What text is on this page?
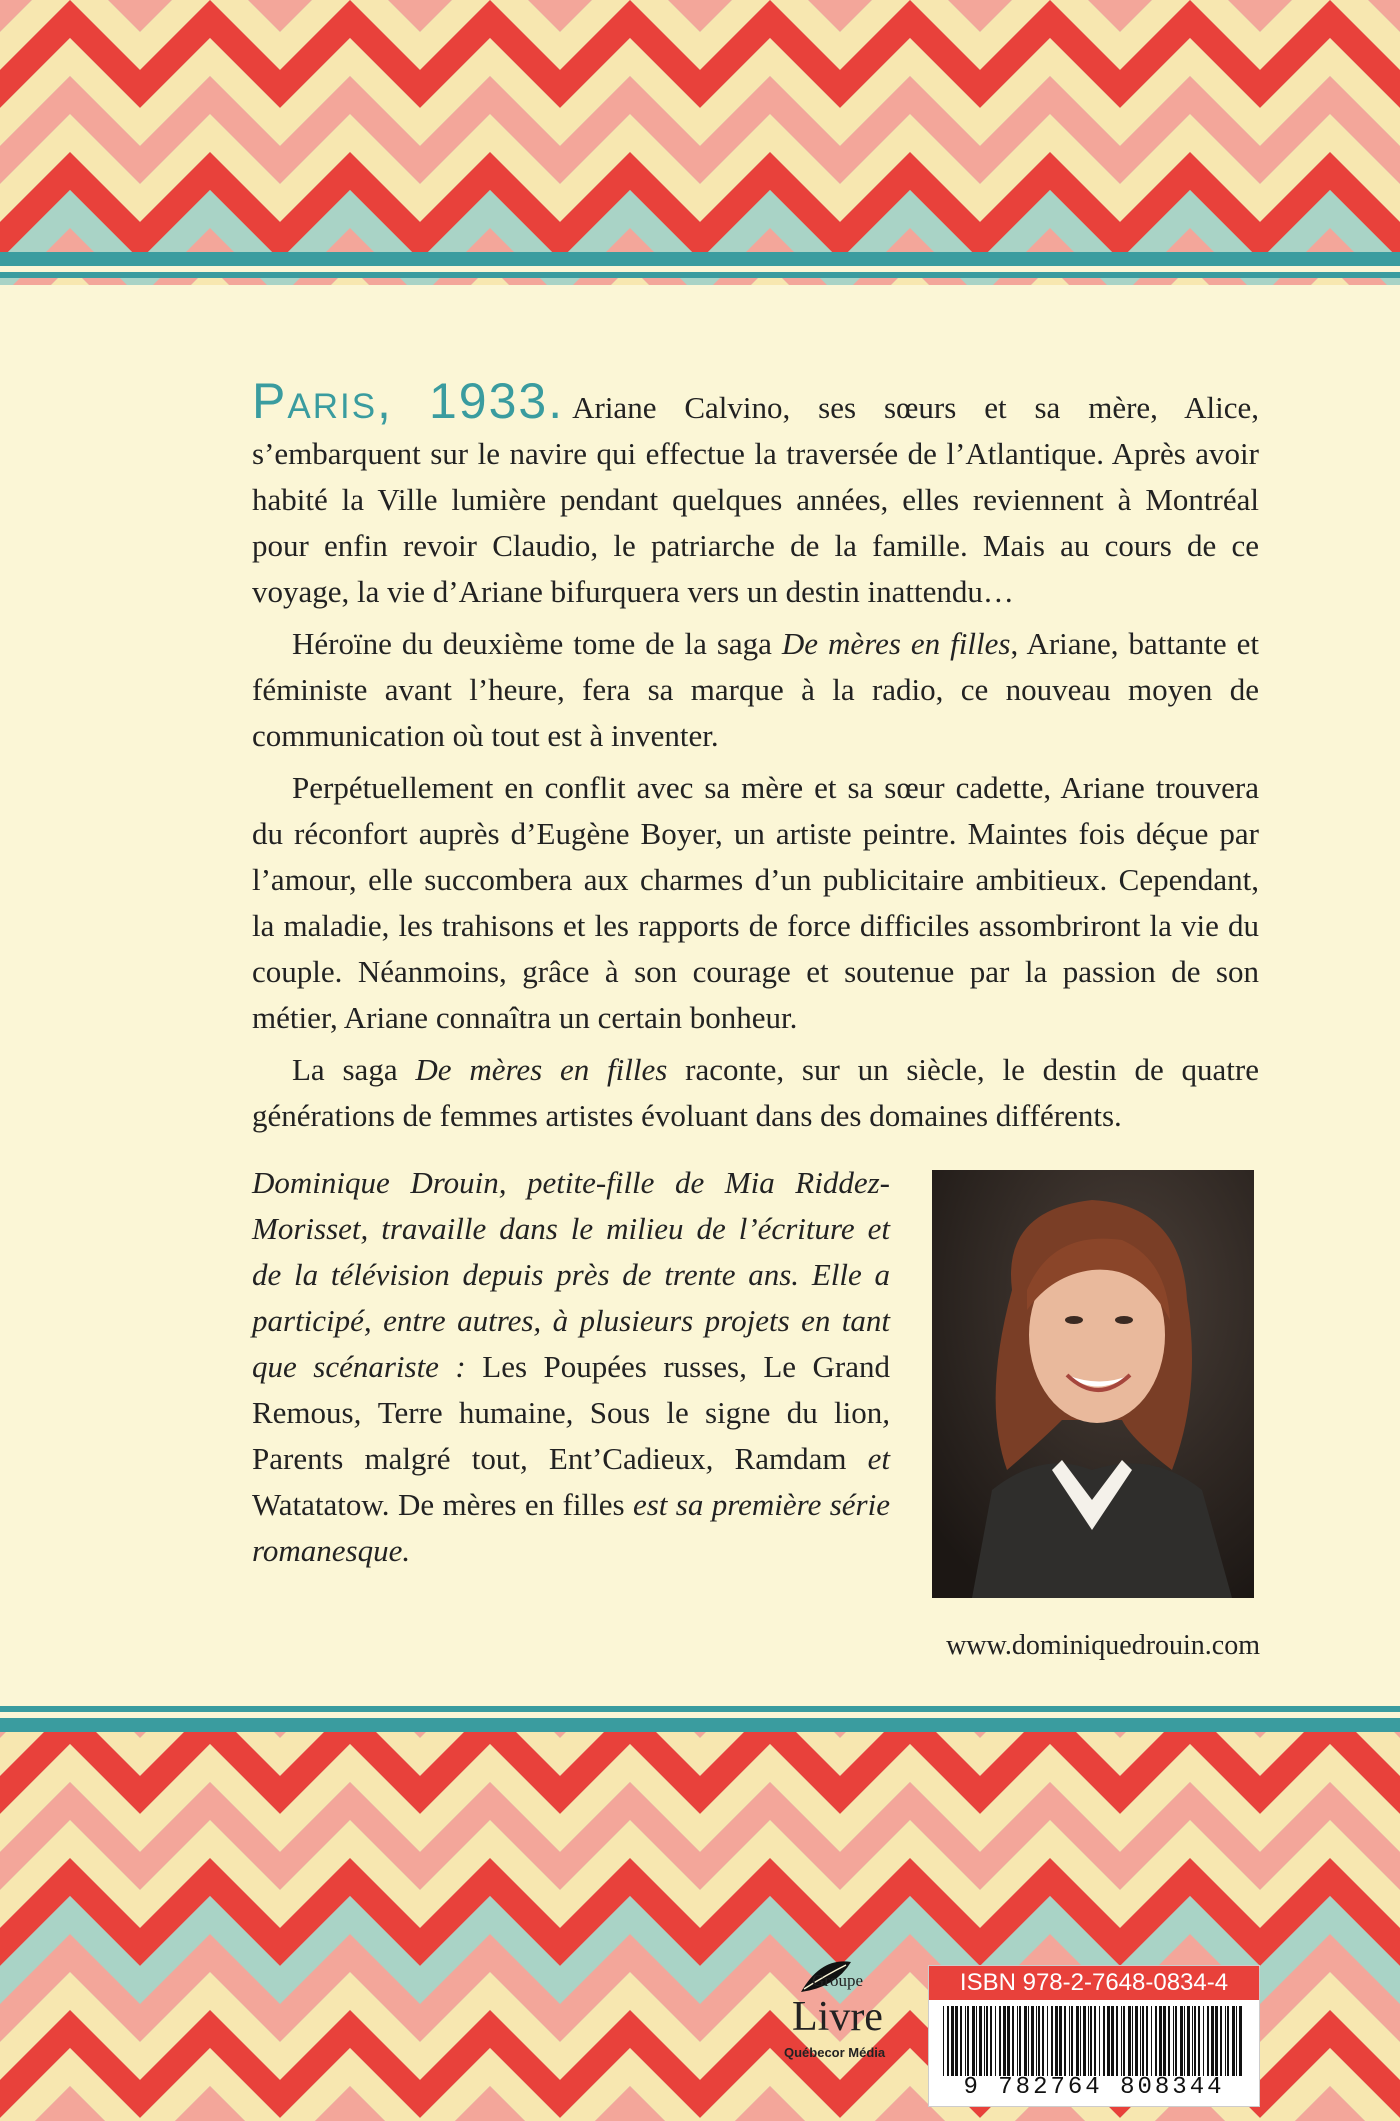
Paris, 1933. Ariane Calvino, ses sœurs et sa mère, Alice, s’embarquent sur le navire qui effectue la traversée de l’Atlantique. Après avoir habité la Ville lumière pendant quelques années, elles reviennent à Montréal pour enfin revoir Claudio, le patriarche de la famille. Mais au cours de ce voyage, la vie d’Ariane bifurquera vers un destin inattendu…

Héroïne du deuxième tome de la saga De mères en filles, Ariane, battante et féministe avant l’heure, fera sa marque à la radio, ce nouveau moyen de communication où tout est à inventer.

Perpétuellement en conflit avec sa mère et sa sœur cadette, Ariane trouvera du réconfort auprès d’Eugène Boyer, un artiste peintre. Maintes fois déçue par l’amour, elle succombera aux charmes d’un publicitaire ambitieux. Cependant, la maladie, les trahisons et les rapports de force difficiles assombriront la vie du couple. Néanmoins, grâce à son courage et soutenue par la passion de son métier, Ariane connaîtra un certain bonheur.

La saga De mères en filles raconte, sur un siècle, le destin de quatre générations de femmes artistes évoluant dans des domaines différents.

Dominique Drouin, petite-fille de Mia Riddez-Morisset, travaille dans le milieu de l’écriture et de la télévision depuis près de trente ans. Elle a participé, entre autres, à plusieurs projets en tant que scénariste : Les Poupées russes, Le Grand Remous, Terre humaine, Sous le signe du lion, Parents malgré tout, Ent’Cadieux, Ramdam et Watatatow. De mères en filles est sa première série romanesque.
www.dominiquedrouin.com
Groupe
Livre
Québecor Média
ISBN 978-2-7648-0834-4
9 782764 808344
